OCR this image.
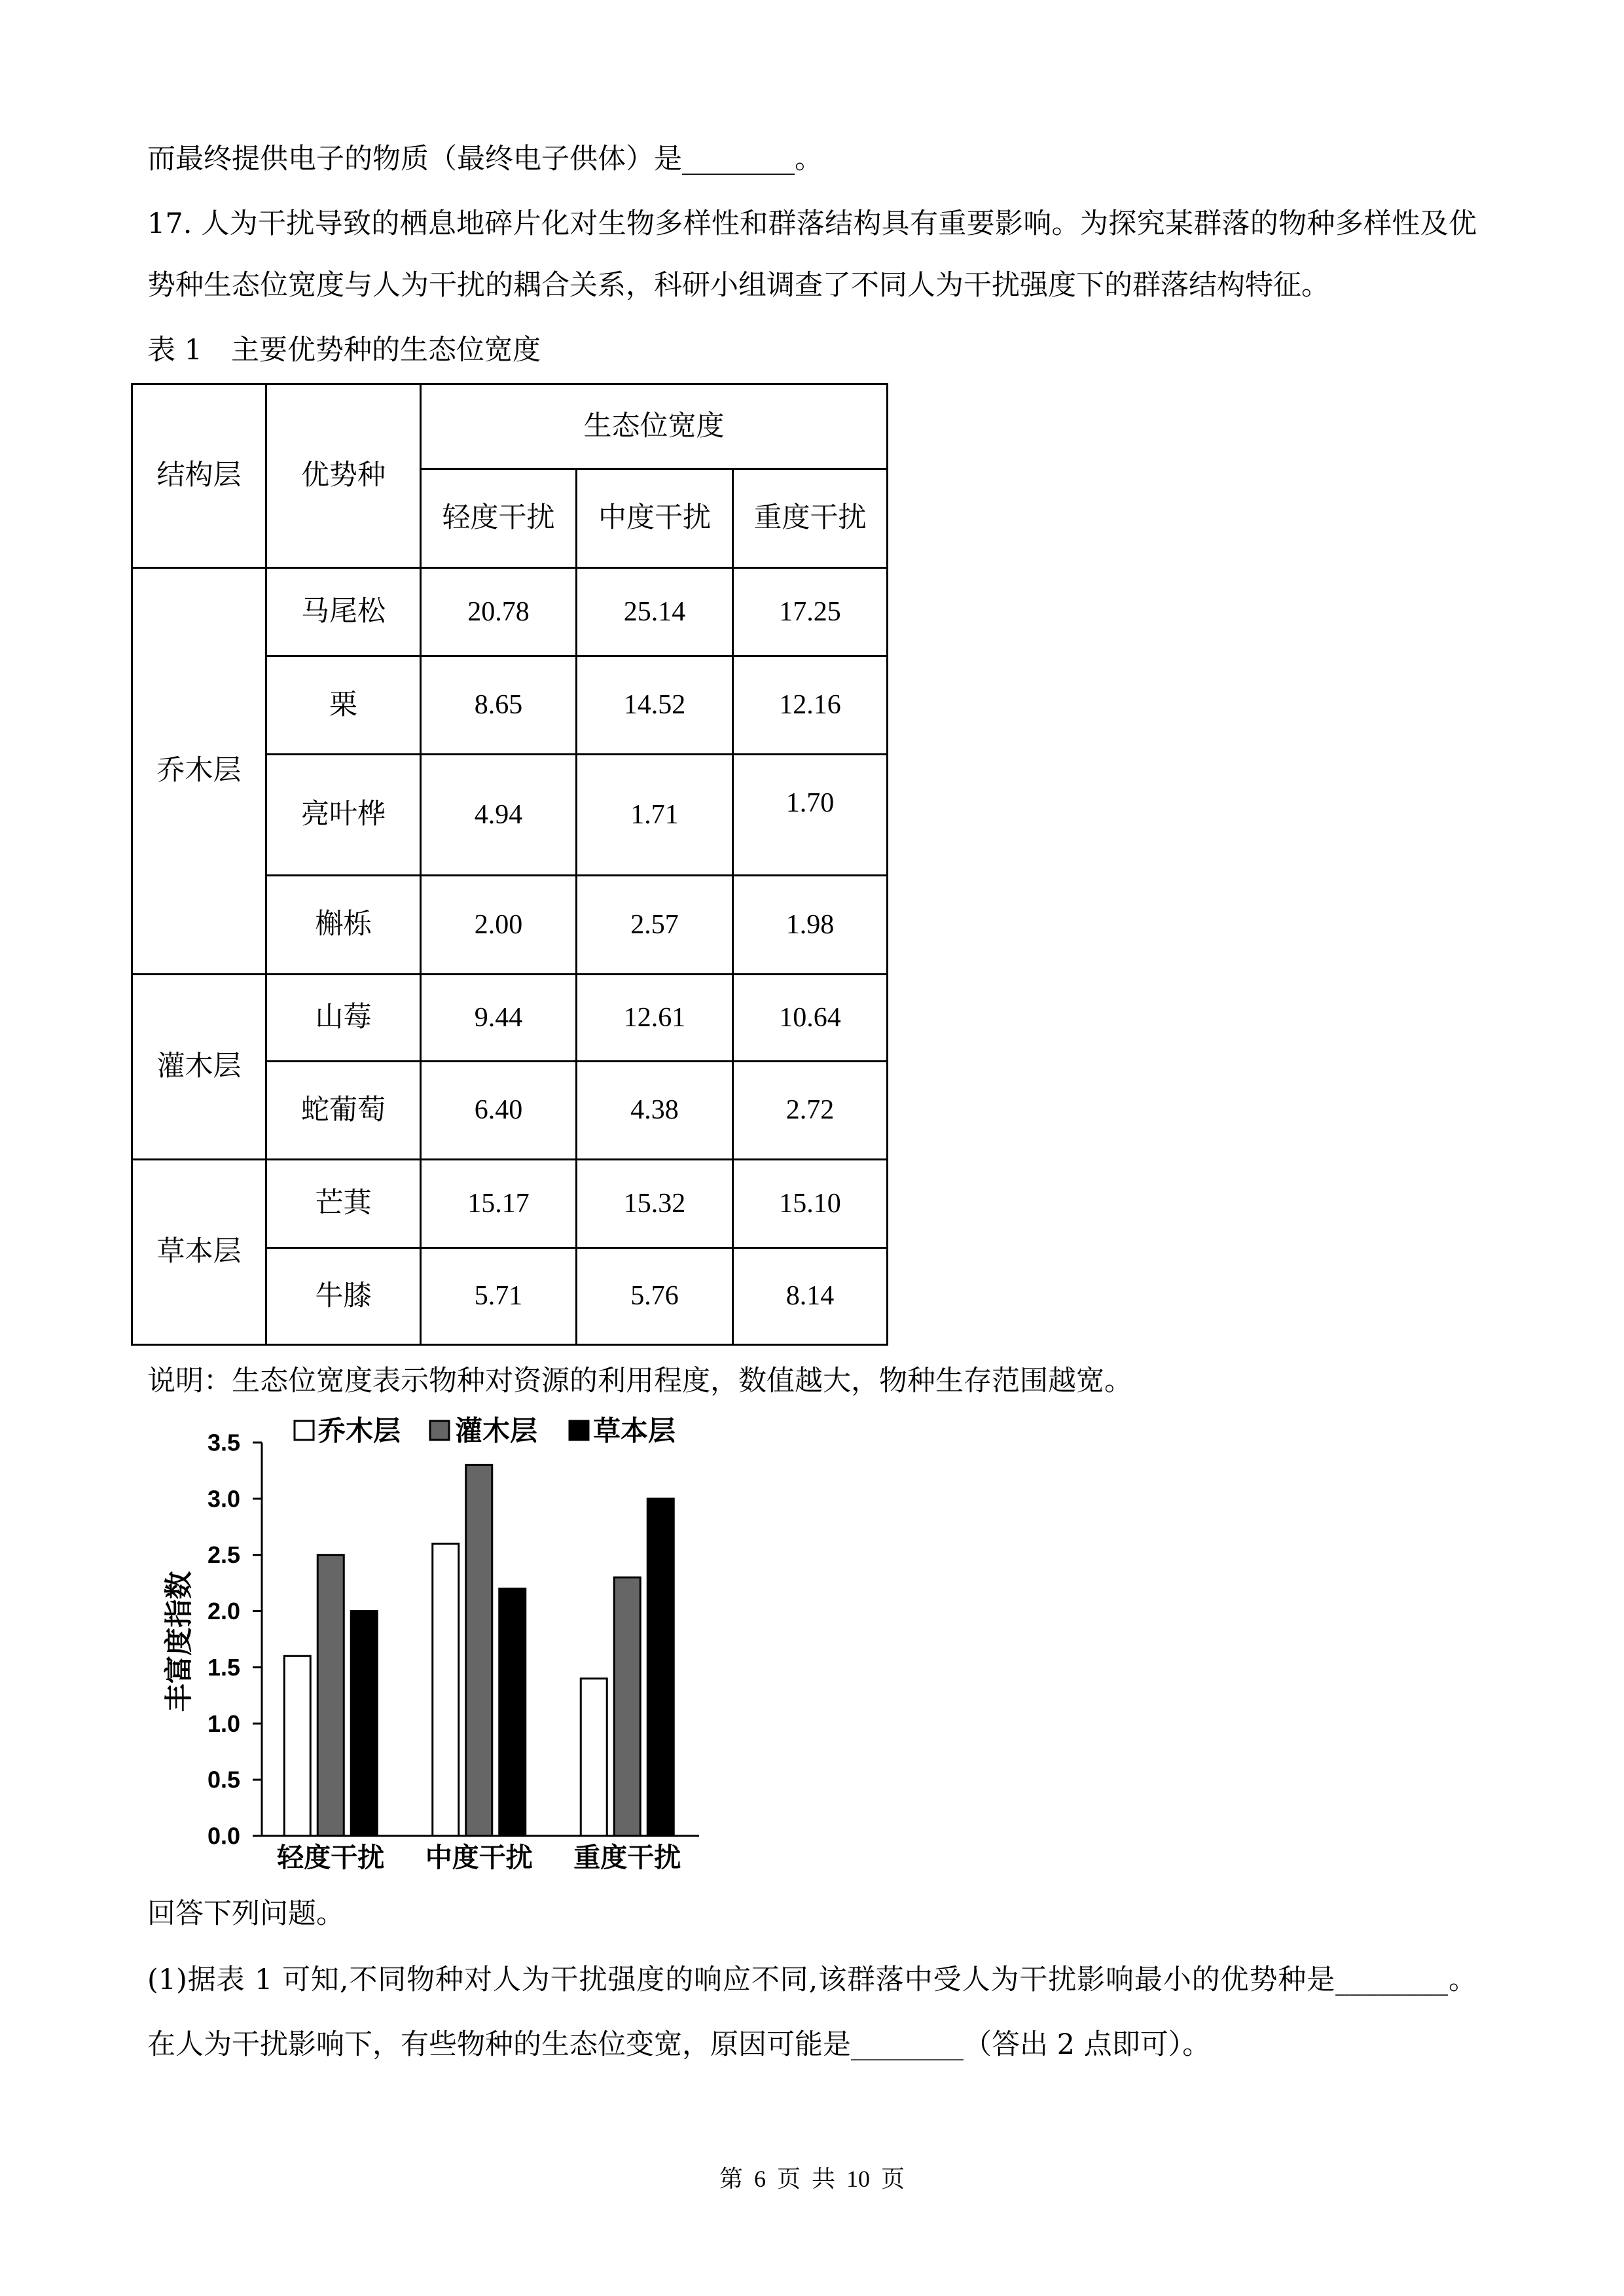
而最终提供电子的物质（最终电子供体）是________。
17. 人为干扰导致的栖息地碎片化对生物多样性和群落结构具有重要影响。为探究某群落的物种多样性及优
势种生态位宽度与人为干扰的耦合关系，科研小组调查了不同人为干扰强度下的群落结构特征。
表 1 主要优势种的生态位宽度
结构层	优势种	生态位宽度		
		轻度干扰	中度干扰	重度干扰
乔木层	马尾松	20.78	25.14	17.25
	栗	8.65	14.52	12.16
	亮叶桦	4.94	1.71	1.70
	槲栎	2.00	2.57	1.98
灌木层	山莓	9.44	12.61	10.64
	蛇葡萄	6.40	4.38	2.72
草本层	芒萁	15.17	15.32	15.10
	牛膝	5.71	5.76	8.14
说明：生态位宽度表示物种对资源的利用程度，数值越大，物种生存范围越宽。
0.0
0.5
1.0
1.5
2.0
2.5
3.0
3.5
轻度干扰 中度干扰 重度干扰
丰富度指数
乔木层 灌木层 草本层
回答下列问题。
(1)据表 1 可知,不同物种对人为干扰强度的响应不同,该群落中受人为干扰影响最小的优势种是________。
在人为干扰影响下，有些物种的生态位变宽，原因可能是________（答出 2 点即可）。
第 6 页 共 10 页
